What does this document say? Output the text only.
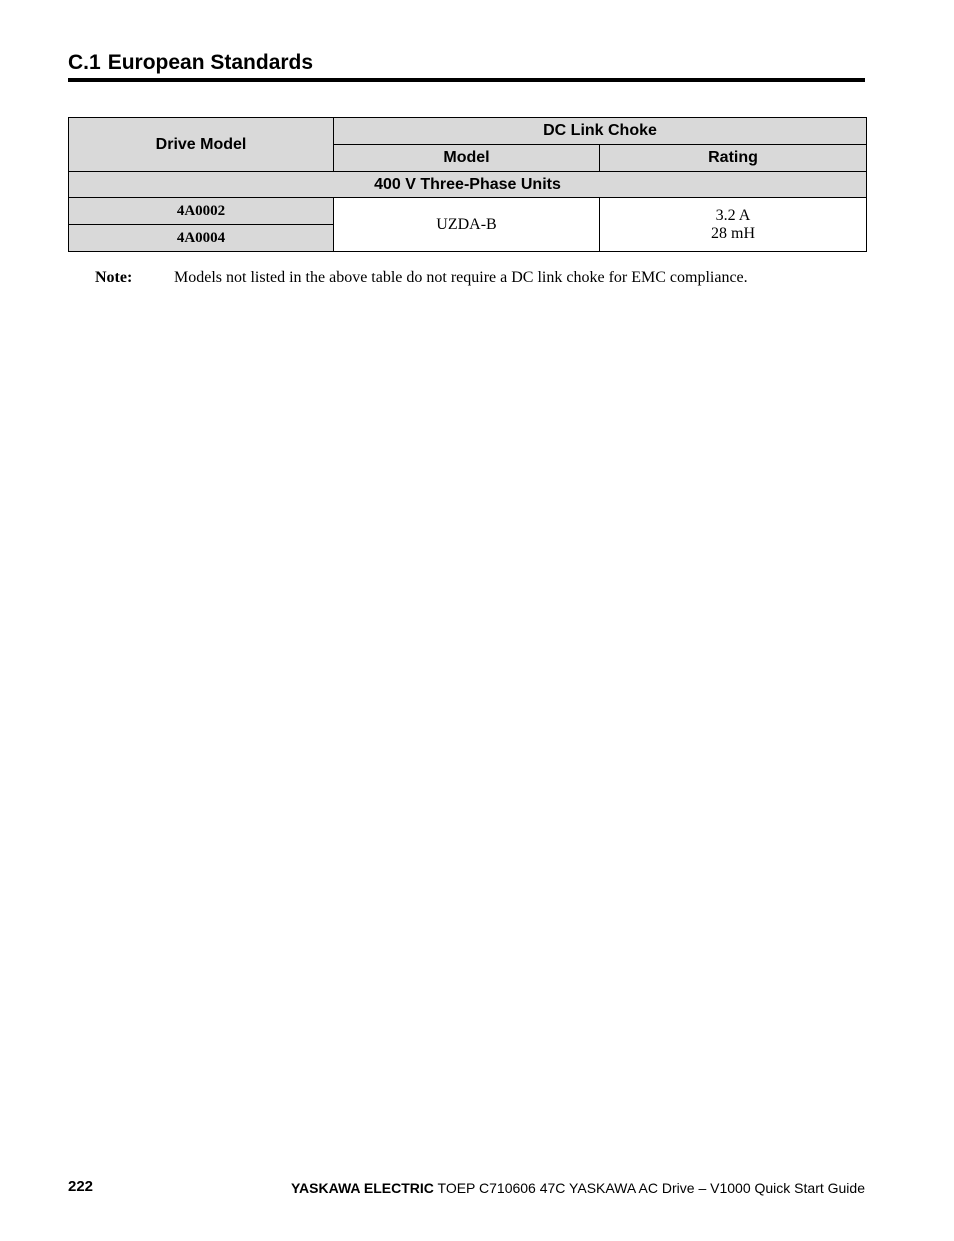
C.1 European Standards
Drive Model	DC Link Choke	
	Model	Rating
400 V Three-Phase Units		
4A0002	UZDA-B	3.2 A
28 mH

4A0004		
Note:	Models not listed in the above table do not require a DC link choke for EMC compliance.
222	YASKAWA ELECTRIC TOEP C710606 47C YASKAWA AC Drive – V1000 Quick Start Guide
